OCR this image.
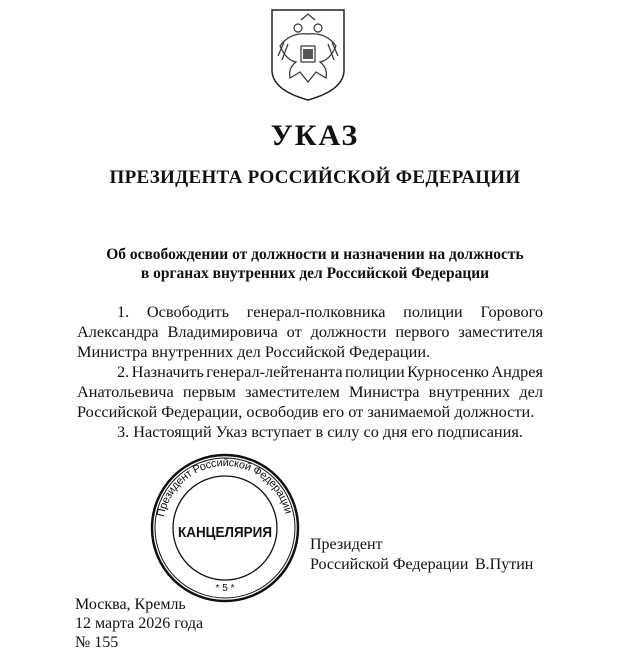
УКАЗ
ПРЕЗИДЕНТА РОССИЙСКОЙ ФЕДЕРАЦИИ
Об освобождении от должности и назначении на должность
в органах внутренних дел Российской Федерации
1. Освободить генерал-полковника полиции Горового
Александра Владимировича от должности первого заместителя
Министра внутренних дел Российской Федерации.
2. Назначить генерал-лейтенанта полиции Курносенко Андрея
Анатольевича первым заместителем Министра внутренних дел
Российской Федерации, освободив его от занимаемой должности.
3. Настоящий Указ вступает в силу со дня его подписания.
Президент Российской Федерации
КАНЦЕЛЯРИЯ
* 5 *
Президент
Российской Федерации В.Путин
Москва, Кремль
12 марта 2026 года
№ 155
